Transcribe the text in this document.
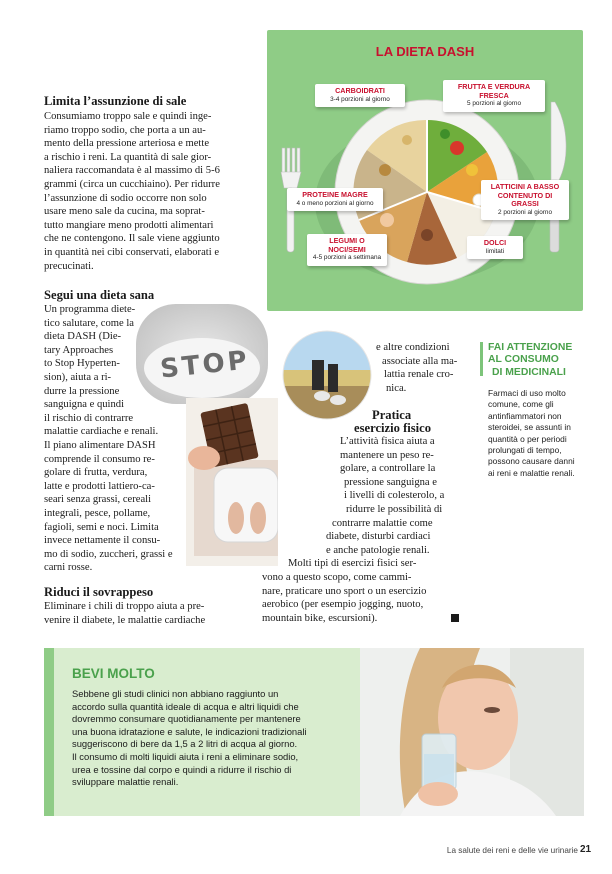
Limita l’assunzione di sale
Consumiamo troppo sale e quindi inge-
riamo troppo sodio, che porta a un au-
mento della pressione arteriosa e mette
a rischio i reni. La quantità di sale gior-
naliera raccomandata è al massimo di 5-6
grammi (circa un cucchiaino). Per ridurre
l’assunzione di sodio occorre non solo
usare meno sale da cucina, ma soprat-
tutto mangiare meno prodotti alimentari
che ne contengono. Il sale viene aggiunto
in quantità nei cibi conservati, elaborati e
precucinati.
LA DIETA DASH
CARBOIDRATI
3-4 porzioni al giorno
FRUTTA E VERDURA FRESCA
5 porzioni al giorno
PROTEINE MAGRE
4 o meno porzioni al giorno
LATTICINI A BASSO CONTENUTO DI GRASSI
2 porzioni al giorno
LEGUMI O NOCI/SEMI
4-5 porzioni a settimana
DOLCI
limitati
Segui una dieta sana
Un programma diete-
tico salutare, come la
dieta DASH (Die-
tary Approaches
to Stop Hyperten-
sion), aiuta a ri-
durre la pressione
sanguigna e quindi
il rischio di contrarre
malattie cardiache e renali.
Il piano alimentare DASH
comprende il consumo re-
golare di frutta, verdura,
latte e prodotti lattiero-ca-
seari senza grassi, cereali
integrali, pesce, pollame,
fagioli, semi e noci. Limita
invece nettamente il consu-
mo di sodio, zuccheri, grassi e
carni rosse.
STOP	e altre condizioni
associate alla ma-
lattia renale cro-
nica.
Pratica
esercizio fisico
L’attività fisica aiuta a
mantenere un peso re-
golare, a controllare la
pressione sanguigna e
i livelli di colesterolo, a
ridurre le possibilità di
contrarre malattie come
diabete, disturbi cardiaci
e anche patologie renali.
Molti tipi di esercizi fisici ser-
vono a questo scopo, come cammi-
nare, praticare uno sport o un esercizio
aerobico (per esempio jogging, nuoto,
mountain bike, escursioni).
Riduci il sovrappeso
Eliminare i chili di troppo aiuta a pre-
venire il diabete, le malattie cardiache
FAI ATTENZIONE
AL CONSUMO
DI MEDICINALI
Farmaci di uso molto
comune, come gli
antinfiammatori non
steroidei, se assunti in
quantità o per periodi
prolungati di tempo,
possono causare danni
ai reni e malattie renali.
BEVI MOLTO
Sebbene gli studi clinici non abbiano raggiunto un
accordo sulla quantità ideale di acqua e altri liquidi che
dovremmo consumare quotidianamente per mantenere
una buona idratazione e salute, le indicazioni tradizionali
suggeriscono di bere da 1,5 a 2 litri di acqua al giorno.
Il consumo di molti liquidi aiuta i reni a eliminare sodio,
urea e tossine dal corpo e quindi a ridurre il rischio di
sviluppare malattie renali.
La salute dei reni e delle vie urinarie 21
